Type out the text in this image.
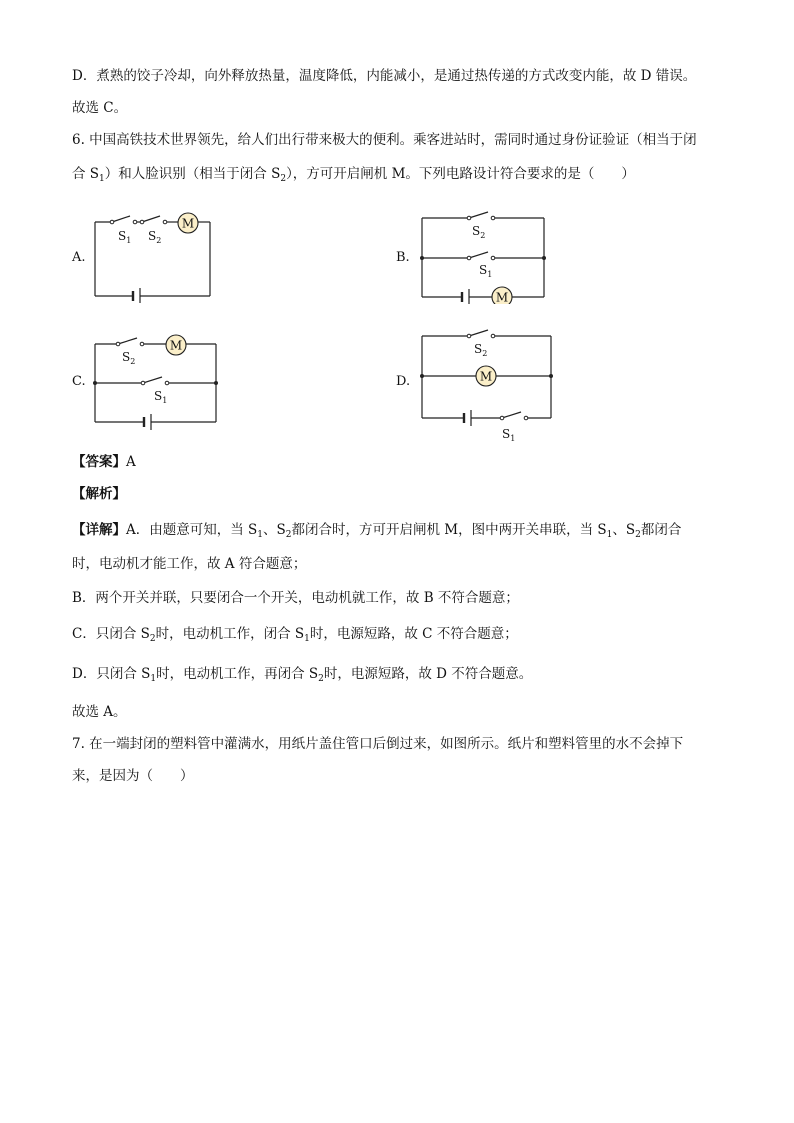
D．煮熟的饺子冷却，向外释放热量，温度降低，内能减小，是通过热传递的方式改变内能，故 D 错误。
故选 C。
6. 中国高铁技术世界领先，给人们出行带来极大的便利。乘客进站时，需同时通过身份证验证（相当于闭
合 $S_1$）和人脸识别（相当于闭合 $S_2$），方可开启闸机 M。下列电路设计符合要求的是（　　）
A.	B.
C.	D.
M
$S_1$ $S_2$
M
$S_2$
$S_1$
M
$S_2$
$S_1$
M
$S_2$
$S_1$
【答案】A
【解析】
【详解】A．由题意可知，当 $S_1$、$S_2$都闭合时，方可开启闸机 M，图中两开关串联，当 $S_1$、$S_2$都闭合
时，电动机才能工作，故 A 符合题意；
B．两个开关并联，只要闭合一个开关，电动机就工作，故 B 不符合题意；
C．只闭合 $S_2$时，电动机工作，闭合 $S_1$时，电源短路，故 C 不符合题意；
D．只闭合 $S_1$时，电动机工作，再闭合 $S_2$时，电源短路，故 D 不符合题意。
故选 A。
7. 在一端封闭的塑料管中灌满水，用纸片盖住管口后倒过来，如图所示。纸片和塑料管里的水不会掉下
来，是因为（　　）
